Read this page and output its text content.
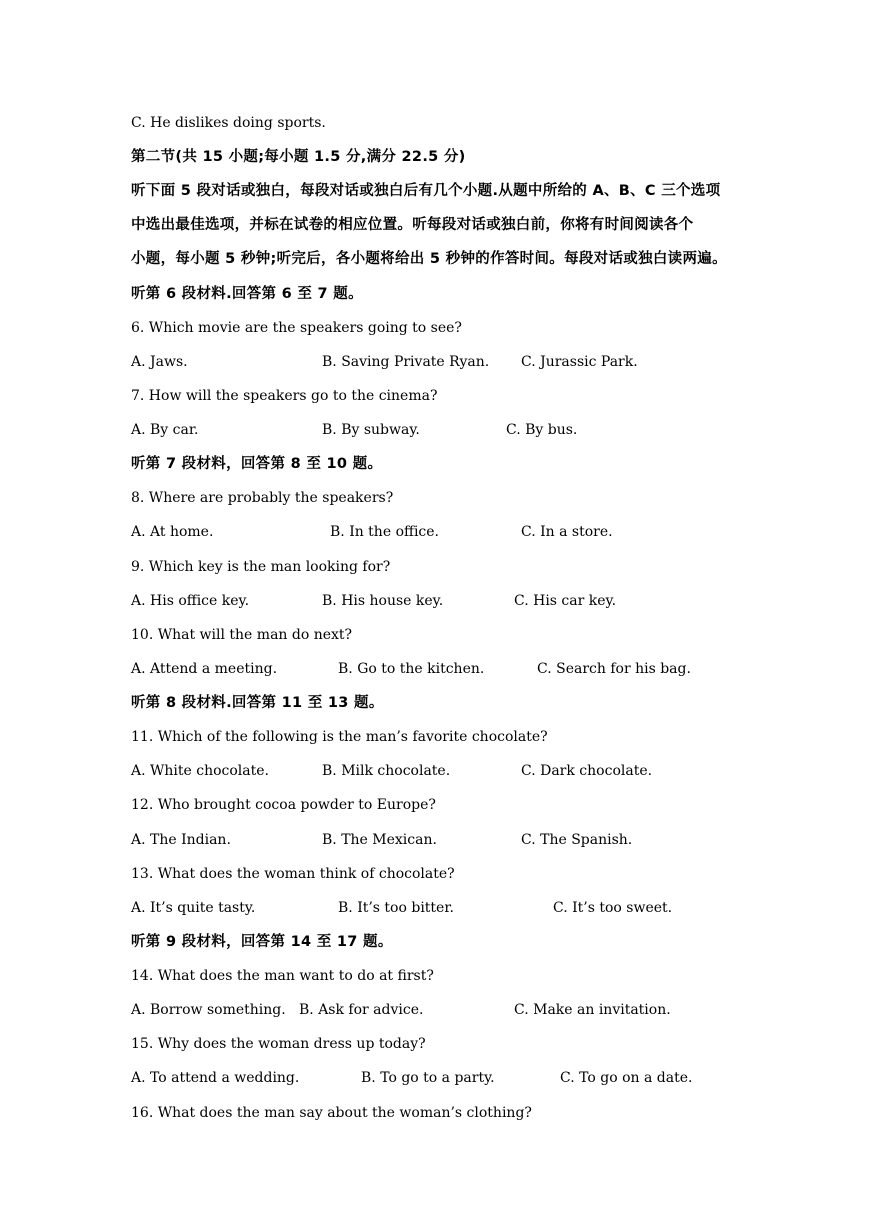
C. He dislikes doing sports.
第二节(共 15 小题;每小题 1.5 分,满分 22.5 分)
听下面 5 段对话或独白，每段对话或独白后有几个小题.从题中所给的 A、B、C 三个选项
中选出最佳选项，并标在试卷的相应位置。听每段对话或独白前，你将有时间阅读各个
小题，每小题 5 秒钟;听完后，各小题将给出 5 秒钟的作答时间。每段对话或独白读两遍。
听第 6 段材料.回答第 6 至 7 题。
6. Which movie are the speakers going to see?
A. Jaws.	B. Saving Private Ryan. C. Jurassic Park.
7. How will the speakers go to the cinema?
A. By car.	B. By subway.	C. By bus.
听第 7 段材料，回答第 8 至 10 题。
8. Where are probably the speakers?
A. At home.	B. In the office.	C. In a store.
9. Which key is the man looking for?
A. His office key.	B. His house key.	C. His car key.
10. What will the man do next?
A. Attend a meeting.	B. Go to the kitchen.	C. Search for his bag.
听第 8 段材料.回答第 11 至 13 题。
11. Which of the following is the man’s favorite chocolate?
A. White chocolate.	B. Milk chocolate.	C. Dark chocolate.
12. Who brought cocoa powder to Europe?
A. The Indian.	B. The Mexican.	C. The Spanish.
13. What does the woman think of chocolate?
A. It’s quite tasty.	B. It’s too bitter.	C. It’s too sweet.
听第 9 段材料，回答第 14 至 17 题。
14. What does the man want to do at first?
A. Borrow something. B. Ask for advice.	C. Make an invitation.
15. Why does the woman dress up today?
A. To attend a wedding.	B. To go to a party.	C. To go on a date.
16. What does the man say about the woman’s clothing?
